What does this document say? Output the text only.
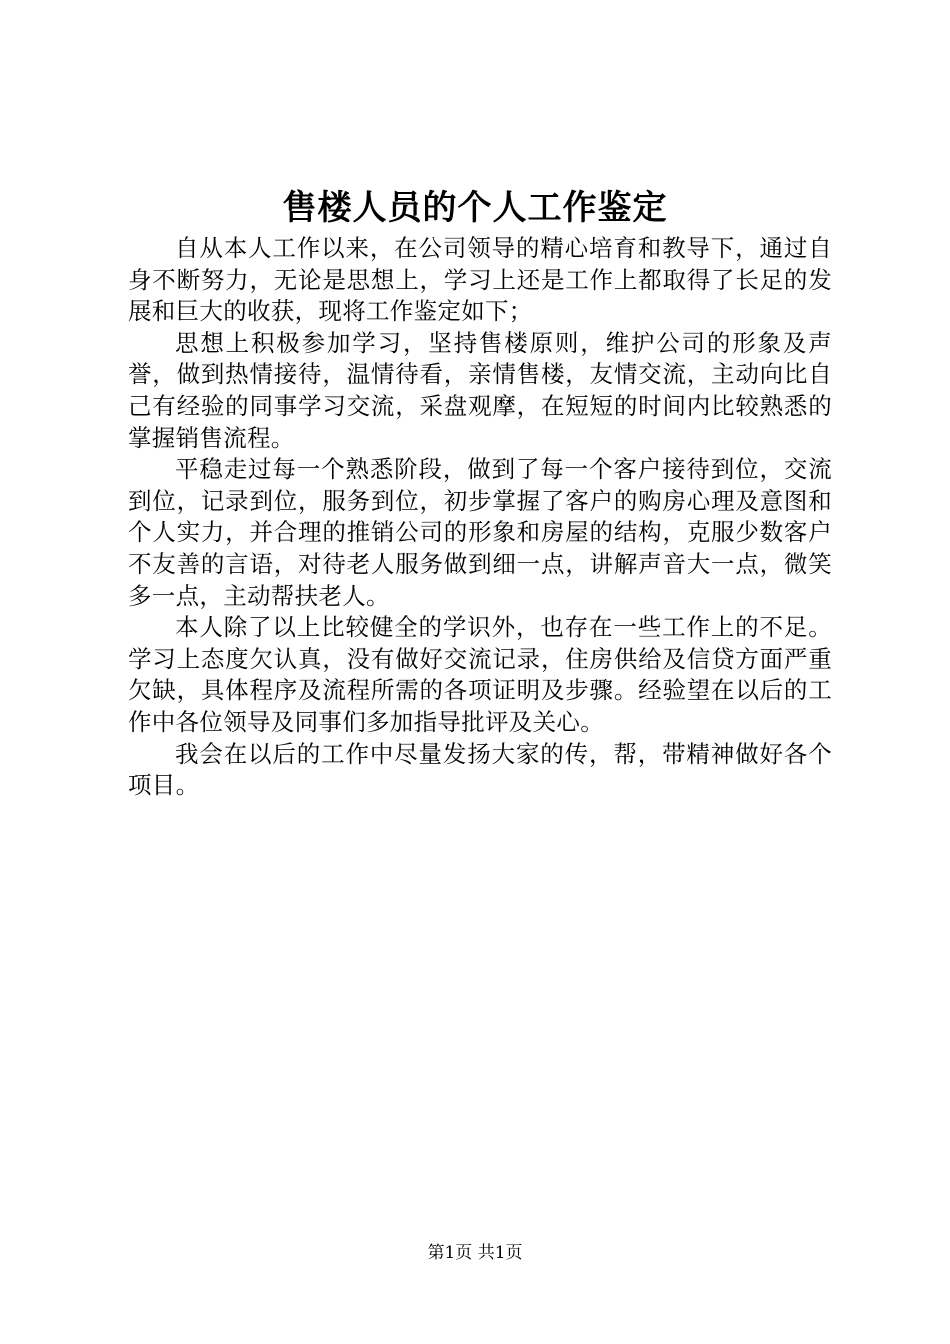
售楼人员的个人工作鉴定

自从本人工作以来，在公司领导的精心培育和教导下，通过自身不断努力，无论是思想上，学习上还是工作上都取得了长足的发展和巨大的收获，现将工作鉴定如下；

思想上积极参加学习，坚持售楼原则，维护公司的形象及声誉，做到热情接待，温情待看，亲情售楼，友情交流，主动向比自己有经验的同事学习交流，采盘观摩，在短短的时间内比较熟悉的掌握销售流程。

平稳走过每一个熟悉阶段，做到了每一个客户接待到位，交流到位，记录到位，服务到位，初步掌握了客户的购房心理及意图和个人实力，并合理的推销公司的形象和房屋的结构，克服少数客户不友善的言语，对待老人服务做到细一点，讲解声音大一点，微笑多一点，主动帮扶老人。

本人除了以上比较健全的学识外，也存在一些工作上的不足。学习上态度欠认真，没有做好交流记录，住房供给及信贷方面严重欠缺，具体程序及流程所需的各项证明及步骤。经验望在以后的工作中各位领导及同事们多加指导批评及关心。

我会在以后的工作中尽量发扬大家的传，帮，带精神做好各个项目。

第1页 共1页
